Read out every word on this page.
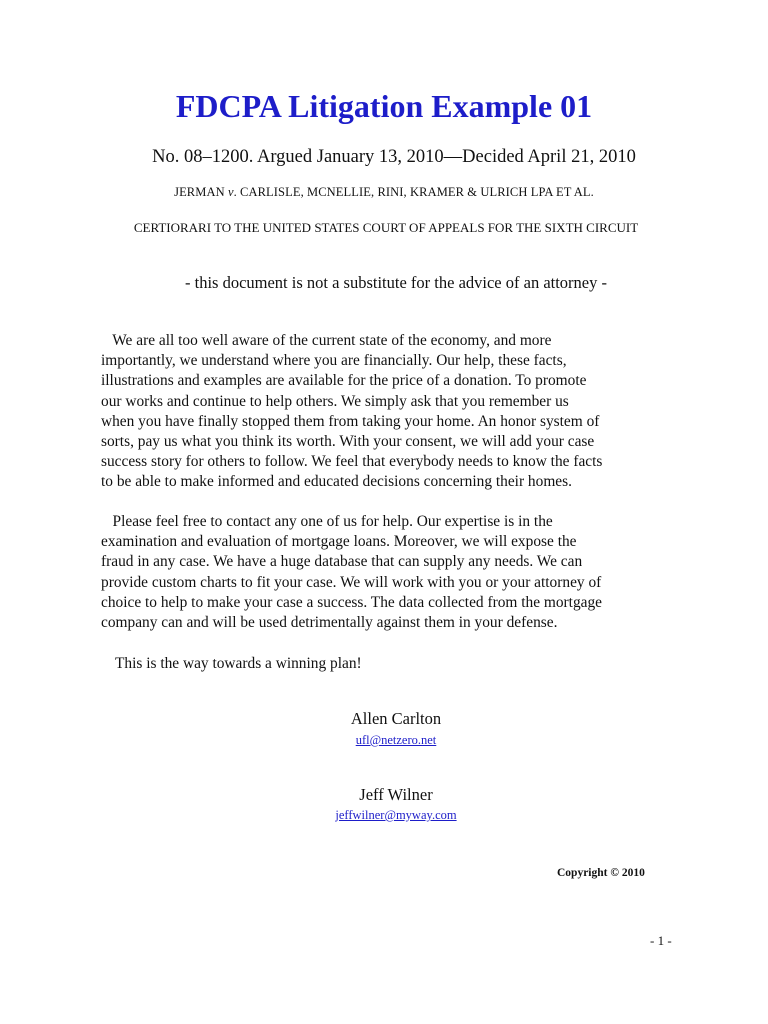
FDCPA Litigation Example 01
No. 08–1200. Argued January 13, 2010—Decided April 21, 2010
JERMAN v. CARLISLE, MCNELLIE, RINI, KRAMER & ULRICH LPA ET AL.
CERTIORARI TO THE UNITED STATES COURT OF APPEALS FOR THE SIXTH CIRCUIT
- this document is not a substitute for the advice of an attorney -
We are all too well aware of the current state of the economy, and more
importantly, we understand where you are financially. Our help, these facts,
illustrations and examples are available for the price of a donation. To promote
our works and continue to help others. We simply ask that you remember us
when you have finally stopped them from taking your home. An honor system of
sorts, pay us what you think its worth. With your consent, we will add your case
success story for others to follow. We feel that everybody needs to know the facts
to be able to make informed and educated decisions concerning their homes.
Please feel free to contact any one of us for help. Our expertise is in the
examination and evaluation of mortgage loans. Moreover, we will expose the
fraud in any case. We have a huge database that can supply any needs. We can
provide custom charts to fit your case. We will work with you or your attorney of
choice to help to make your case a success. The data collected from the mortgage
company can and will be used detrimentally against them in your defense.
This is the way towards a winning plan!
Allen Carlton
ufl@netzero.net
Jeff Wilner
jeffwilner@myway.com
Copyright © 2010
- 1 -
